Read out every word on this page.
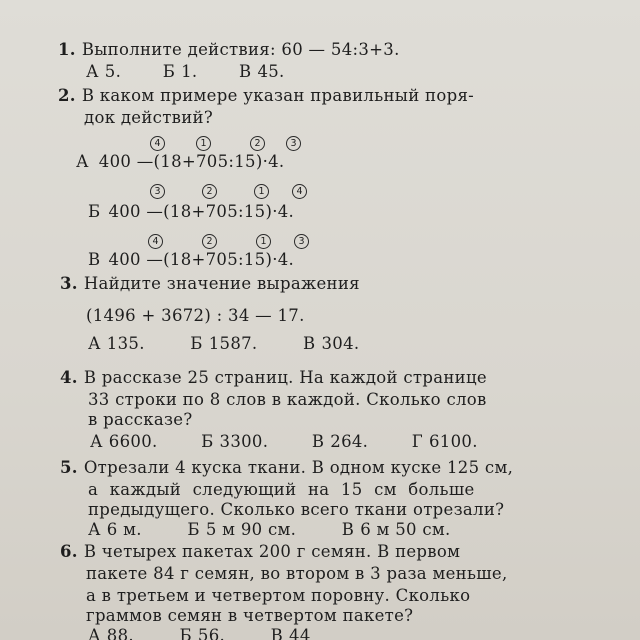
1. Выполните действия: 60 — 54:3+3.
А 5.	Б 1.	В 45.
2. В каком примере указан правильный поря-
док действий?
4	1	2	3
А 400 —(18+705:15)·4.
3	2	1	4
Б 400 —(18+705:15)·4.
4	2	1	3
В 400 —(18+705:15)·4.
3. Найдите значение выражения
(1496 + 3672) : 34 — 17.
А 135.	Б 1587.	В 304.
4. В рассказе 25 страниц. На каждой странице
33 строки по 8 слов в каждой. Сколько слов
в рассказе?
А 6600.	Б 3300.	В 264.	Г 6100.
5. Отрезали 4 куска ткани. В одном куске 125 см,
а каждый следующий на 15 см больше
предыдущего. Сколько всего ткани отрезали?
А 6 м.	Б 5 м 90 см.	В 6 м 50 см.
6. В четырех пакетах 200 г семян. В первом
пакете 84 г семян, во втором в 3 раза меньше,
а в третьем и четвертом поровну. Сколько
граммов семян в четвертом пакете?
А 88.	Б 56.	В 44
